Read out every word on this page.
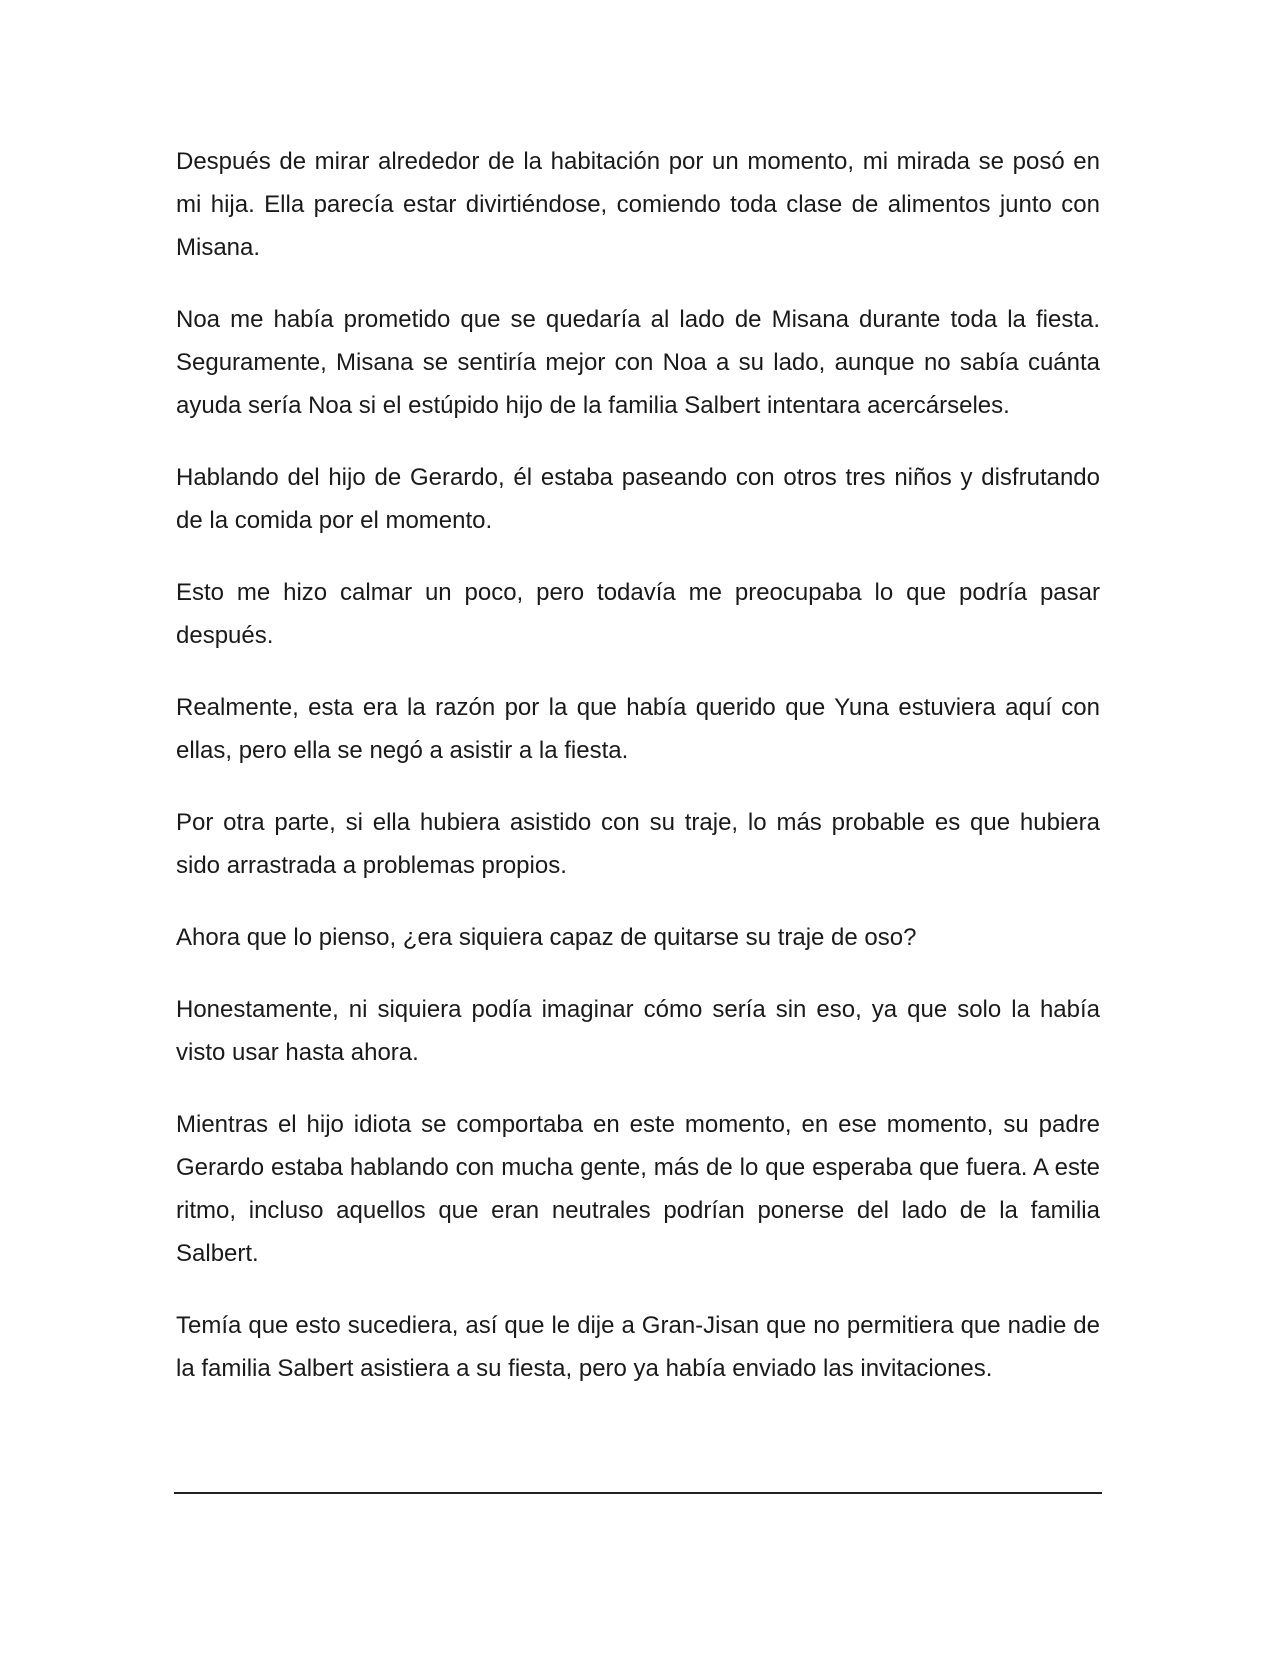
Después de mirar alrededor de la habitación por un momento, mi mirada se posó en mi hija. Ella parecía estar divirtiéndose, comiendo toda clase de alimentos junto con Misana.

Noa me había prometido que se quedaría al lado de Misana durante toda la fiesta. Seguramente, Misana se sentiría mejor con Noa a su lado, aunque no sabía cuánta ayuda sería Noa si el estúpido hijo de la familia Salbert intentara acercárseles.

Hablando del hijo de Gerardo, él estaba paseando con otros tres niños y disfrutando de la comida por el momento.

Esto me hizo calmar un poco, pero todavía me preocupaba lo que podría pasar después.

Realmente, esta era la razón por la que había querido que Yuna estuviera aquí con ellas, pero ella se negó a asistir a la fiesta.

Por otra parte, si ella hubiera asistido con su traje, lo más probable es que hubiera sido arrastrada a problemas propios.

Ahora que lo pienso, ¿era siquiera capaz de quitarse su traje de oso?

Honestamente, ni siquiera podía imaginar cómo sería sin eso, ya que solo la había visto usar hasta ahora.

Mientras el hijo idiota se comportaba en este momento, en ese momento, su padre Gerardo estaba hablando con mucha gente, más de lo que esperaba que fuera. A este ritmo, incluso aquellos que eran neutrales podrían ponerse del lado de la familia Salbert.

Temía que esto sucediera, así que le dije a Gran-Jisan que no permitiera que nadie de la familia Salbert asistiera a su fiesta, pero ya había enviado las invitaciones.
